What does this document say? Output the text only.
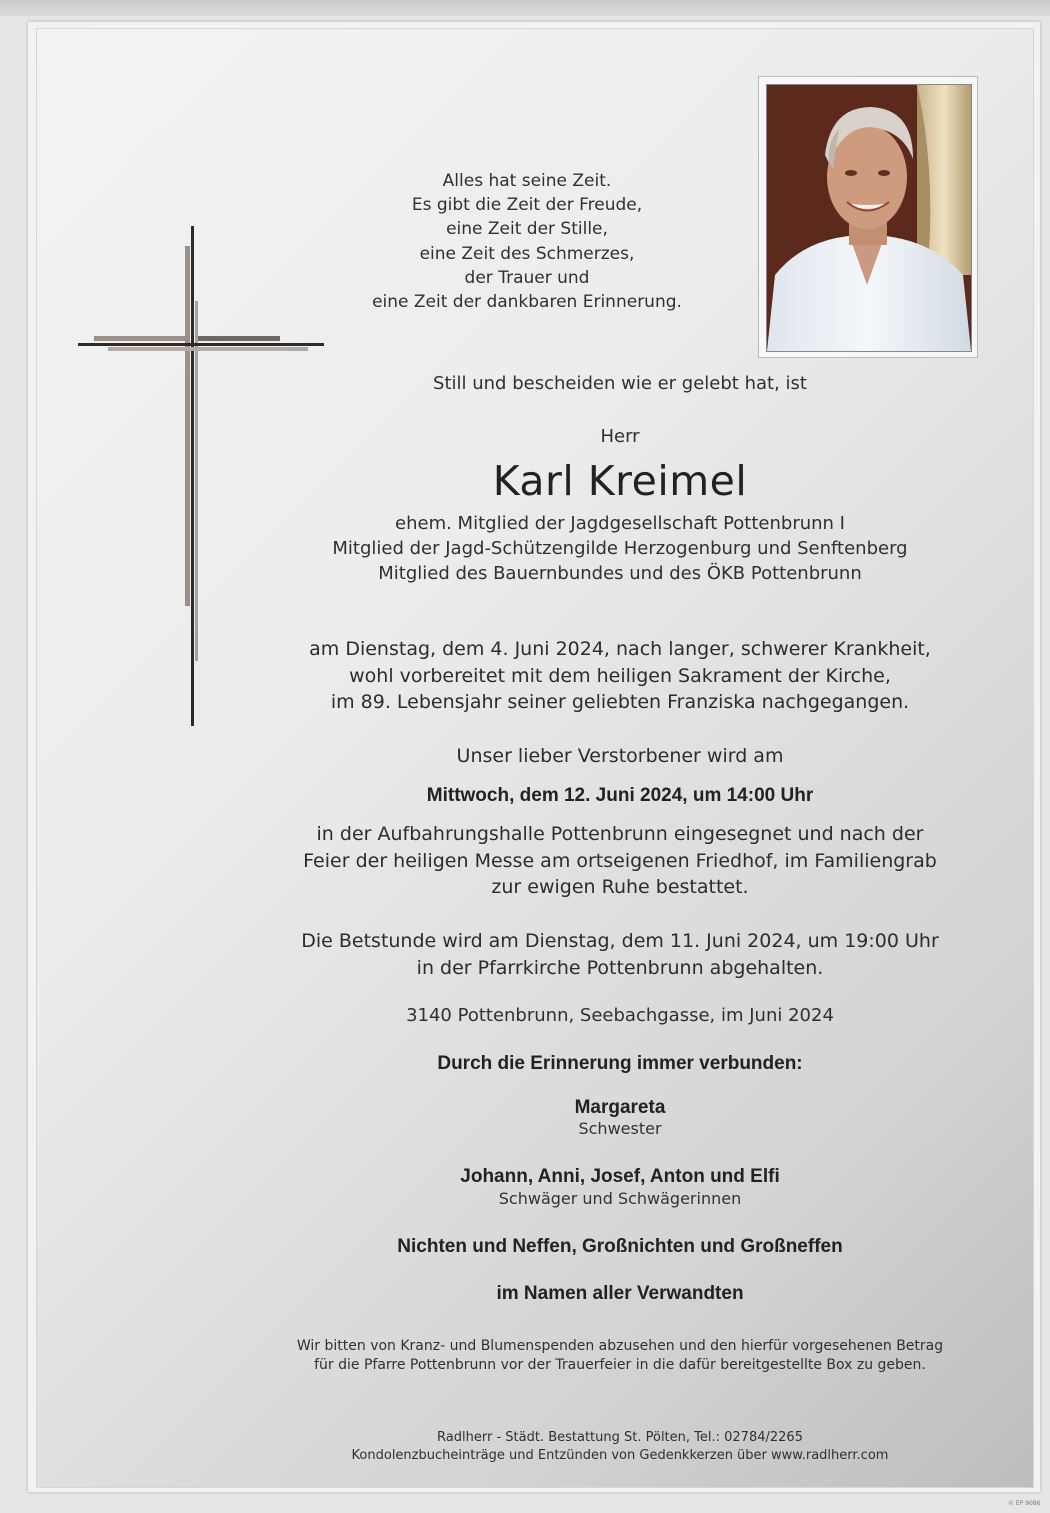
Alles hat seine Zeit.
Es gibt die Zeit der Freude,
eine Zeit der Stille,
eine Zeit des Schmerzes,
der Trauer und
eine Zeit der dankbaren Erinnerung.
Still und bescheiden wie er gelebt hat, ist
Herr
Karl Kreimel
ehem. Mitglied der Jagdgesellschaft Pottenbrunn I
Mitglied der Jagd-Schützengilde Herzogenburg und Senftenberg
Mitglied des Bauernbundes und des ÖKB Pottenbrunn
am Dienstag, dem 4. Juni 2024, nach langer, schwerer Krankheit,
wohl vorbereitet mit dem heiligen Sakrament der Kirche,
im 89. Lebensjahr seiner geliebten Franziska nachgegangen.
Unser lieber Verstorbener wird am
Mittwoch, dem 12. Juni 2024, um 14:00 Uhr
in der Aufbahrungshalle Pottenbrunn eingesegnet und nach der
Feier der heiligen Messe am ortseigenen Friedhof, im Familiengrab
zur ewigen Ruhe bestattet.
Die Betstunde wird am Dienstag, dem 11. Juni 2024, um 19:00 Uhr
in der Pfarrkirche Pottenbrunn abgehalten.
3140 Pottenbrunn, Seebachgasse, im Juni 2024
Durch die Erinnerung immer verbunden:
Margareta
Schwester
Johann, Anni, Josef, Anton und Elfi
Schwäger und Schwägerinnen
Nichten und Neffen, Großnichten und Großneffen
im Namen aller Verwandten
Wir bitten von Kranz- und Blumenspenden abzusehen und den hierfür vorgesehenen Betrag
für die Pfarre Pottenbrunn vor der Trauerfeier in die dafür bereitgestellte Box zu geben.
Radlherr - Städt. Bestattung St. Pölten, Tel.: 02784/2265
Kondolenzbucheinträge und Entzünden von Gedenkkerzen über www.radlherr.com
© EP 9086
